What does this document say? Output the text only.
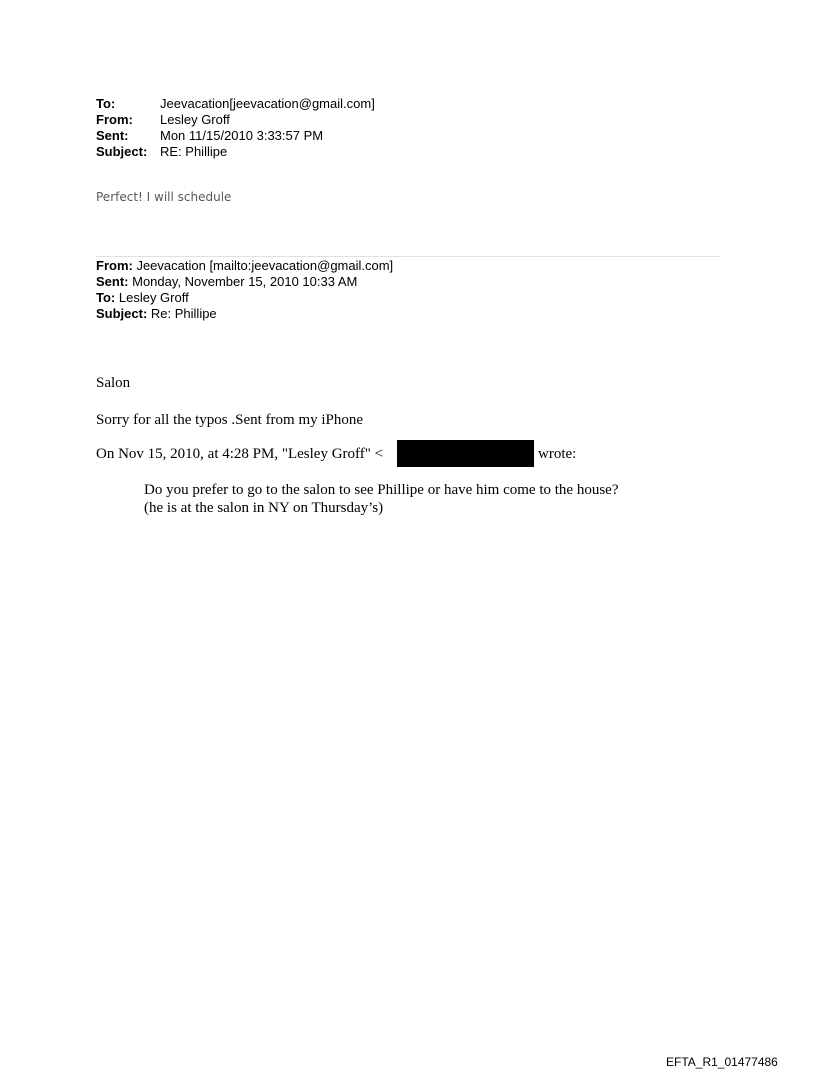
To:	Jeevacation[jeevacation@gmail.com]
From:	Lesley Groff
Sent:	Mon 11/15/2010 3:33:57 PM
Subject: RE: Phillipe
Perfect! I will schedule
From: Jeevacation [mailto:jeevacation@gmail.com]
Sent: Monday, November 15, 2010 10:33 AM
To: Lesley Groff
Subject: Re: Phillipe
Salon
Sorry for all the typos .Sent from my iPhone
On Nov 15, 2010, at 4:28 PM, "Lesley Groff" <	wrote:
Do you prefer to go to the salon to see Phillipe or have him come to the house?
(he is at the salon in NY on Thursday’s)
EFTA_R1_01477486
